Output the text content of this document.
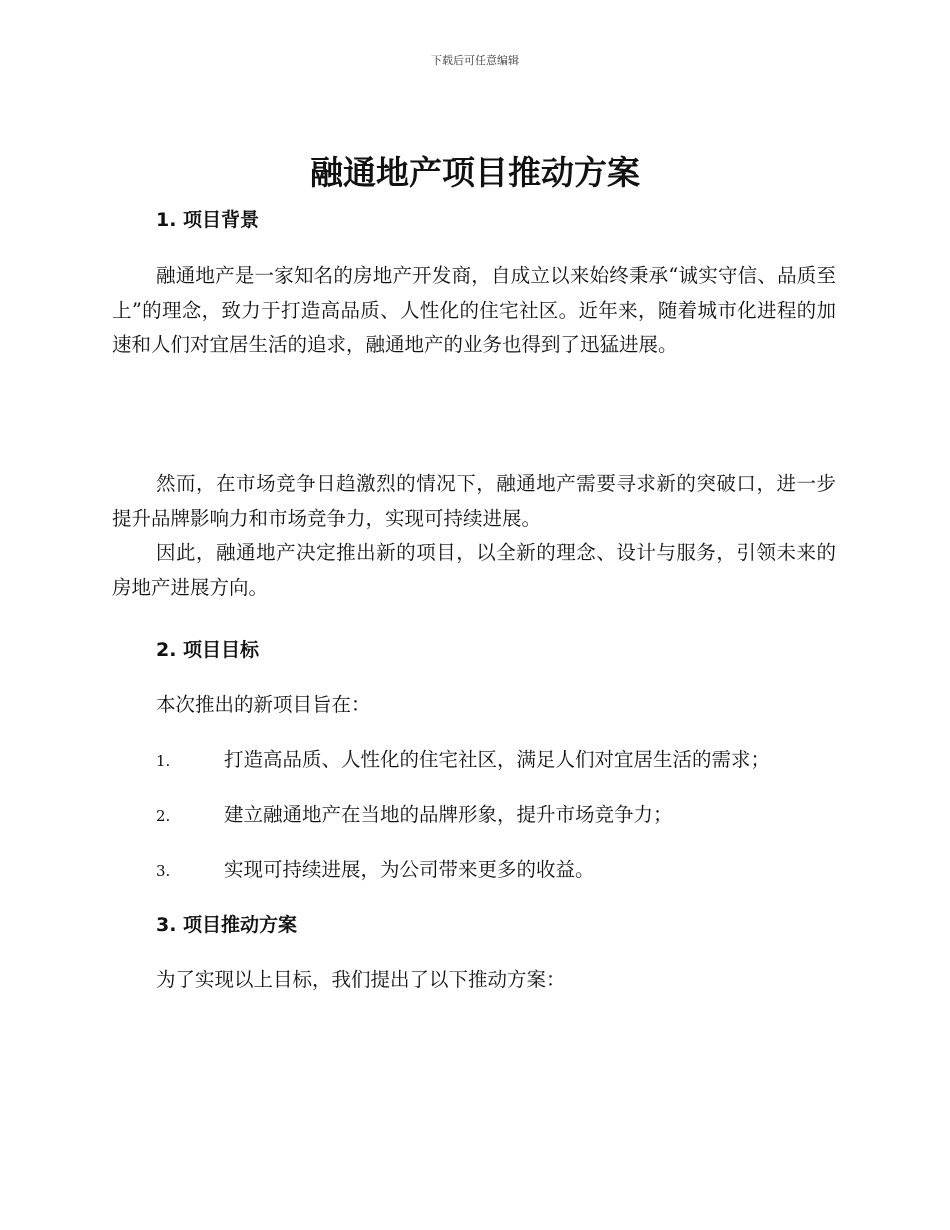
下载后可任意编辑
融通地产项目推动方案
1. 项目背景

融通地产是一家知名的房地产开发商，自成立以来始终秉承“诚实守信、品质至上”的理念，致力于打造高品质、人性化的住宅社区。近年来，随着城市化进程的加速和人们对宜居生活的追求，融通地产的业务也得到了迅猛进展。

然而，在市场竞争日趋激烈的情况下，融通地产需要寻求新的突破口，进一步提升品牌影响力和市场竞争力，实现可持续进展。

因此，融通地产决定推出新的项目，以全新的理念、设计与服务，引领未来的房地产进展方向。

2. 项目目标

本次推出的新项目旨在：

1.	打造高品质、人性化的住宅社区，满足人们对宜居生活的需求；
2.	建立融通地产在当地的品牌形象，提升市场竞争力；
3.	实现可持续进展，为公司带来更多的收益。
3. 项目推动方案

为了实现以上目标，我们提出了以下推动方案：
